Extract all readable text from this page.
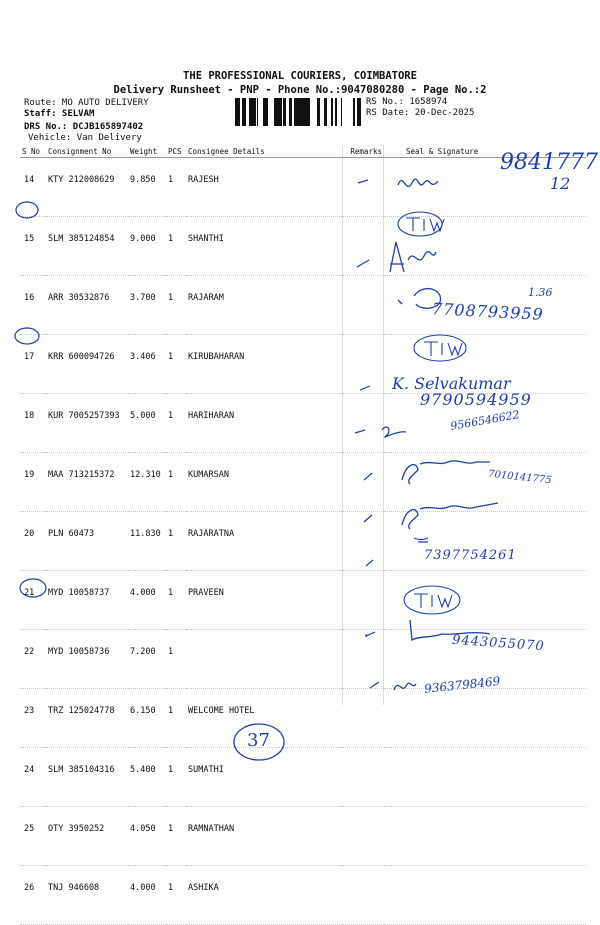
THE PROFESSIONAL COURIERS, COIMBATORE
Delivery Runsheet - PNP - Phone No.:9047080280 - Page No.:2
Route: MO AUTO DELIVERY
Staff: SELVAM
DRS No.: DCJB165897402
Vehicle: Van Delivery
RS No.: 1658974
RS Date: 20-Dec-2025
S No	Consignment No	Weight	PCS	Consignee Details	Remarks	Seal & Signature
14	KTY 212008629	9.850	1	RAJESH		
15	SLM 385124854	9.000	1	SHANTHI		
16	ARR 30532876	3.700	1	RAJARAM		
17	KRR 600094726	3.406	1	KIRUBAHARAN		
18	KUR 7005257393	5.000	1	HARIHARAN		
19	MAA 713215372	12.310	1	KUMARSAN		
20	PLN 60473	11.830	1	RAJARATNA		
21	MYD 10058737	4.000	1	PRAVEEN		
22	MYD 10058736	7.200	1			
23	TRZ 125024778	6.150	1	WELCOME HOTEL		
24	SLM 385104316	5.400	1	SUMATHI		
25	OTY 3950252	4.050	1	RAMNATHAN		
26	TNJ 946608	4.000	1	ASHIKA		
9841777
12
1.36
7708793959
K. Selvakumar
9790594959
9566546622
7010141775
7397754261
9443055070
9363798469
37
